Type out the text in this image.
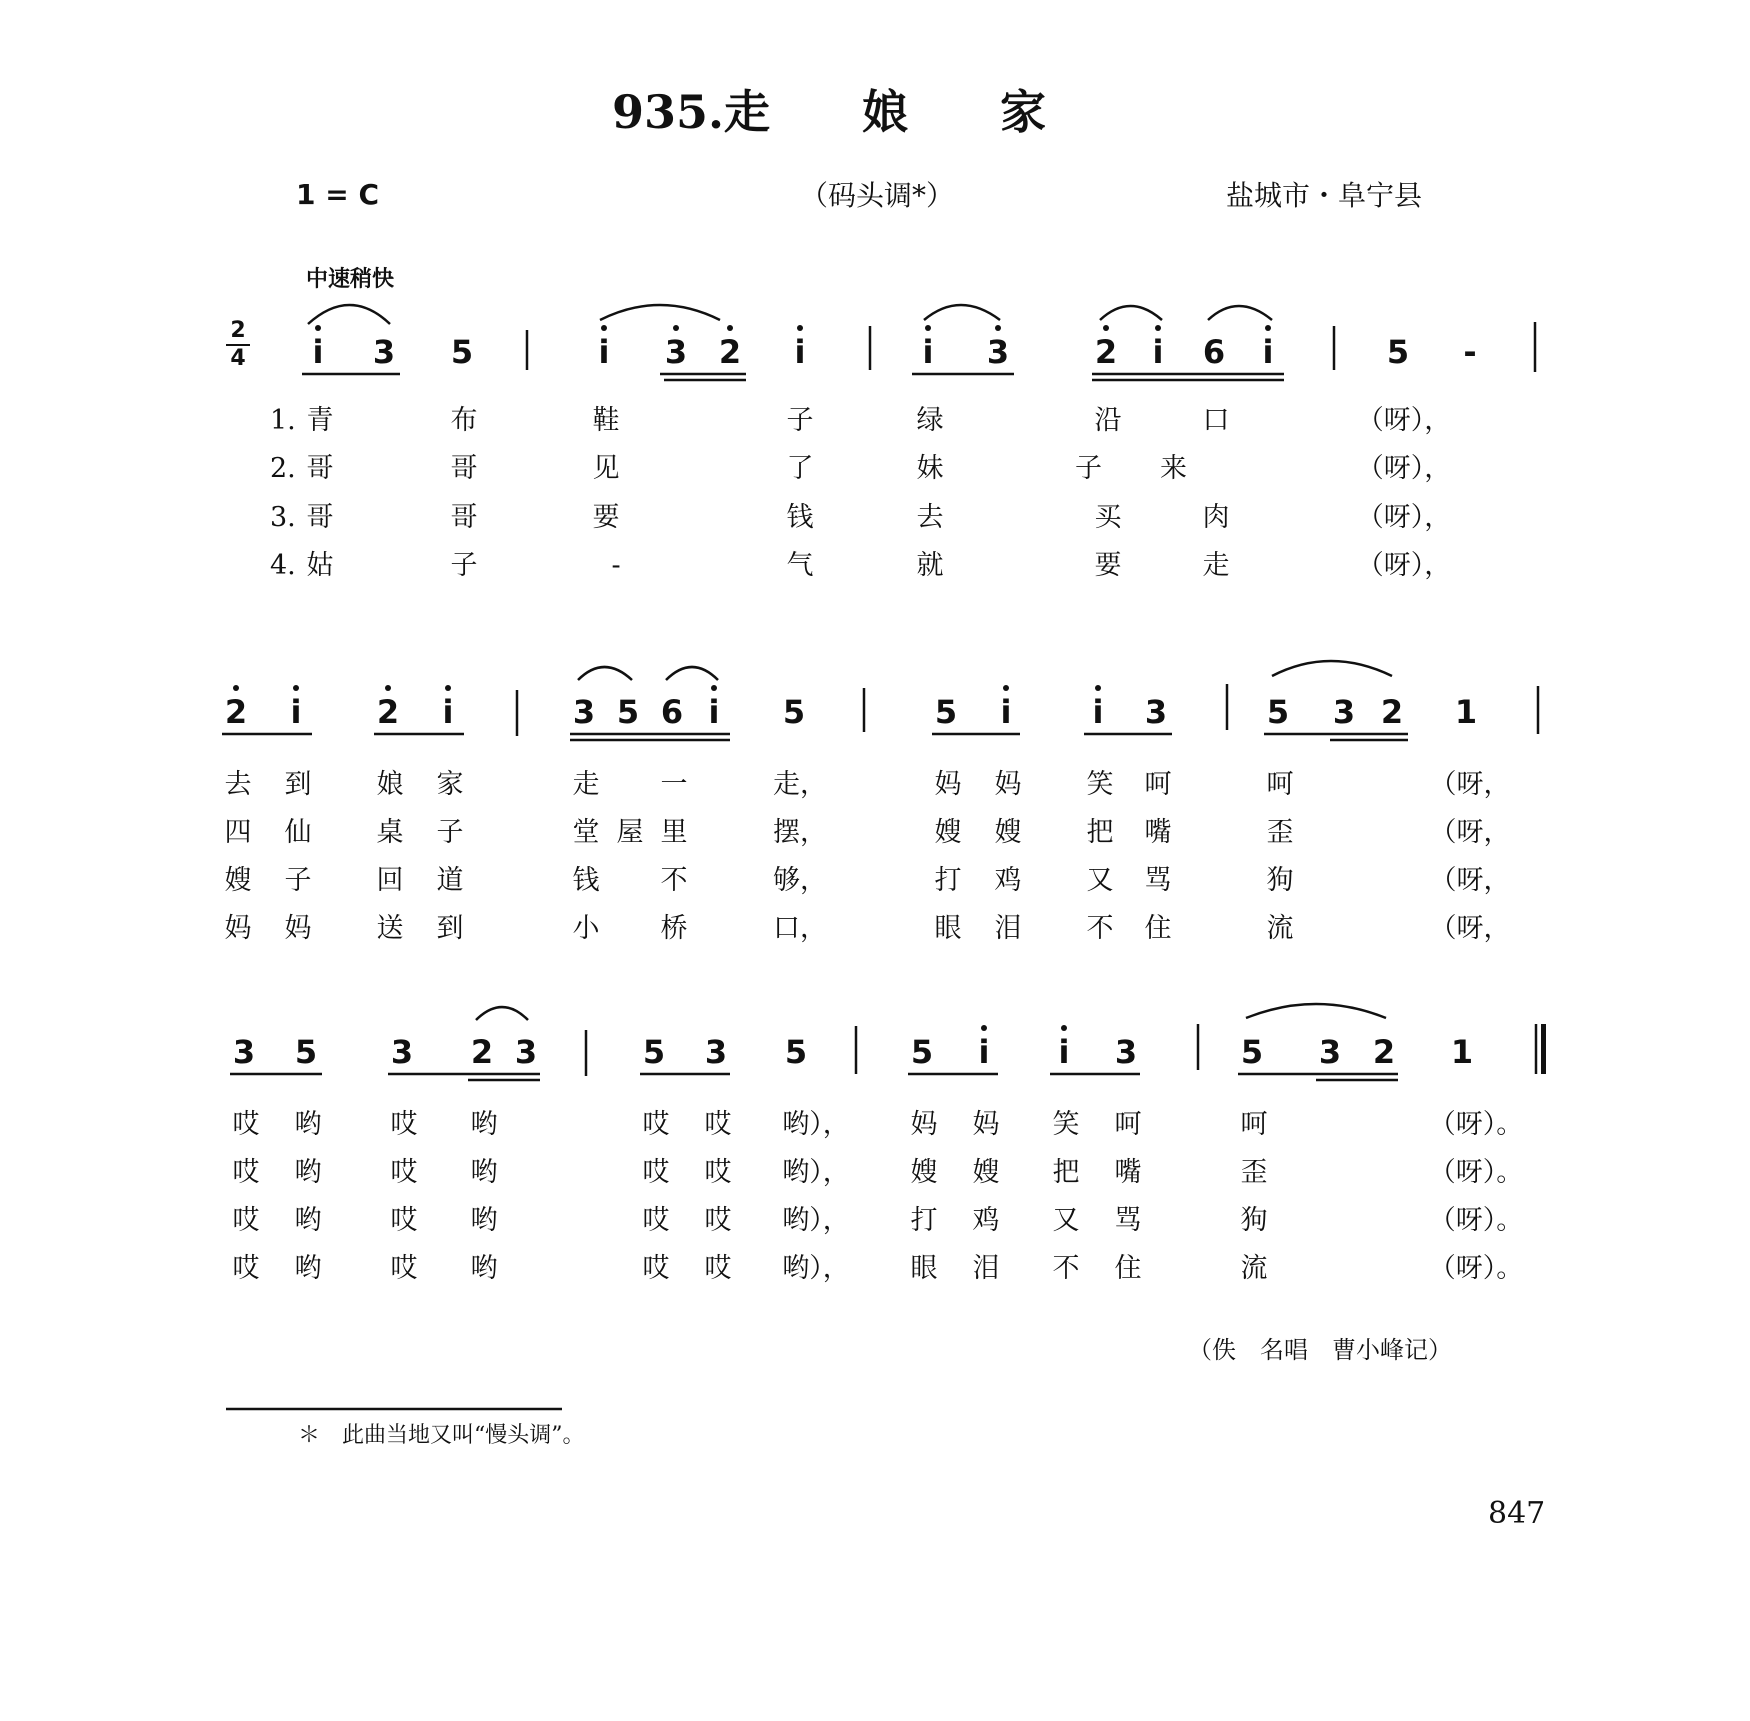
935.走　　娘　　家
1 = C	（码头调*）	盐城市・阜宁县
中速稍快
2
4 i 3 5	i 3 2 i	i 3	2 i 6 i	5 -
1.
2.
3.
4.
青	布	鞋	子	绿	沿	口	（呀），
哥	哥	见	了	妹	子来	（呀），
哥	哥	要	钱	去	买	肉	（呀），
姑	子	-	气	就	要	走	（呀），
2 i 2 i	3 5 6 i 5	5 i	i 3	5 3 2 1
去 到 娘 家	走 一	走，	妈 妈 笑 呵	呵	（呀，
四 仙 桌 子	堂 屋 里	摆，	嫂 嫂 把 嘴	歪	（呀，
嫂 子 回 道	钱 不	够，	打 鸡 又 骂	狗	（呀，
妈 妈 送 到	小 桥	口，	眼 泪 不 住	流	（呀，
3 5 3 2 3	5 3 5	5 i i 3	5 3 2 1
哎 哟	哎 哟	哎 哎 哟）， 妈 妈 笑 呵	呵	（呀）。
哎 哟	哎 哟	哎 哎 哟）， 嫂 嫂 把 嘴	歪	（呀）。
哎 哟	哎 哟	哎 哎 哟）， 打 鸡 又 骂	狗	（呀）。
哎 哟	哎 哟	哎 哎 哟）， 眼 泪 不 住	流	（呀）。
（佚　名唱　曹小峰记）
＊　此曲当地又叫“慢头调”。
847
